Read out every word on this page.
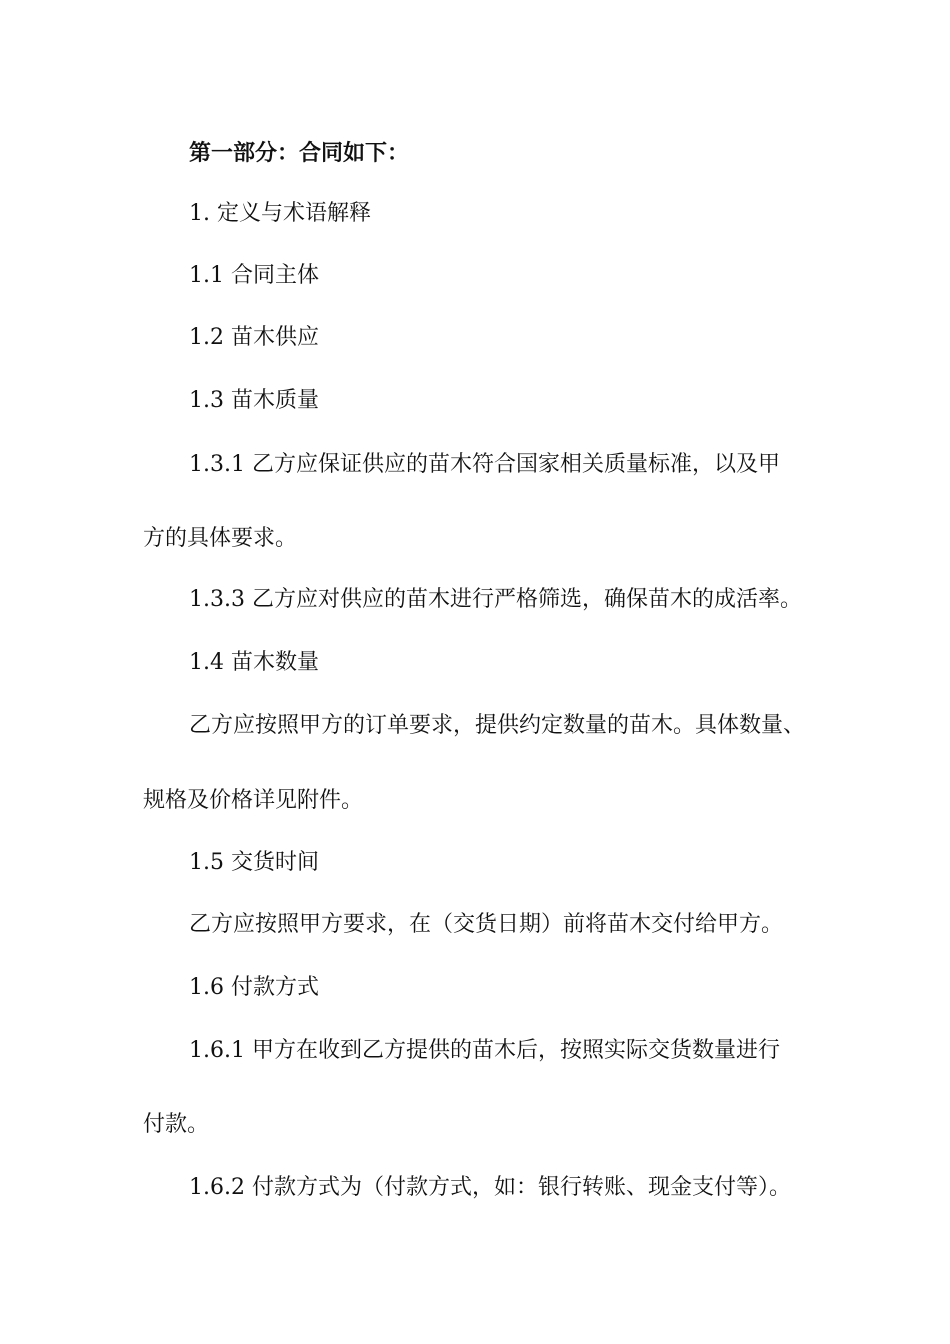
第一部分：合同如下：

1. 定义与术语解释

1.1 合同主体

1.2 苗木供应

1.3 苗木质量

1.3.1 乙方应保证供应的苗木符合国家相关质量标准，以及甲

方的具体要求。

1.3.3 乙方应对供应的苗木进行严格筛选，确保苗木的成活率。

1.4 苗木数量

乙方应按照甲方的订单要求，提供约定数量的苗木。具体数量、

规格及价格详见附件。

1.5 交货时间

乙方应按照甲方要求，在（交货日期）前将苗木交付给甲方。

1.6 付款方式

1.6.1 甲方在收到乙方提供的苗木后，按照实际交货数量进行

付款。

1.6.2 付款方式为（付款方式，如：银行转账、现金支付等）。
